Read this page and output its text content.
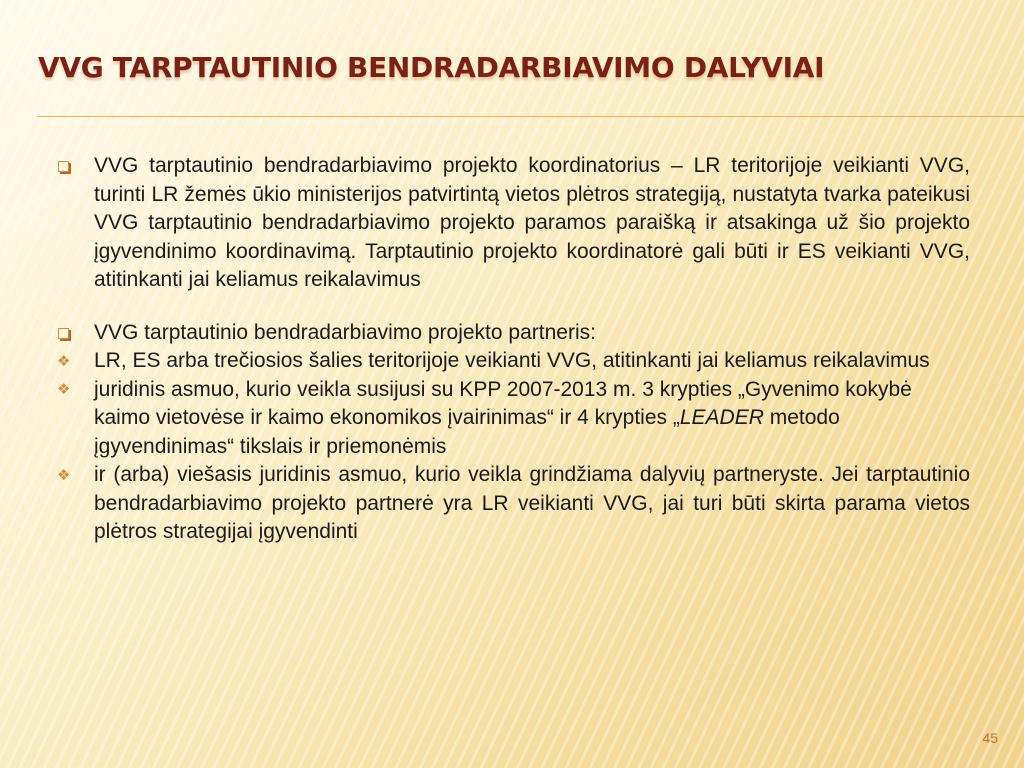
VVG TARPTAUTINIO BENDRADARBIAVIMO DALYVIAI

VVG tarptautinio bendradarbiavimo projekto koordinatorius – LR teritorijoje veikianti VVG, turinti LR žemės ūkio ministerijos patvirtintą vietos plėtros strategiją, nustatyta tvarka pateikusi VVG tarptautinio bendradarbiavimo projekto paramos paraišką ir atsakinga už šio projekto įgyvendinimo koordinavimą. Tarptautinio projekto koordinatorė gali būti ir ES veikianti VVG, atitinkanti jai keliamus reikalavimus

VVG tarptautinio bendradarbiavimo projekto partneris:

❖ LR, ES arba trečiosios šalies teritorijoje veikianti VVG, atitinkanti jai keliamus reikalavimus

❖ juridinis asmuo, kurio veikla susijusi su KPP 2007-2013 m. 3 krypties „Gyvenimo kokybė kaimo vietovėse ir kaimo ekonomikos įvairinimas“ ir 4 krypties „LEADER metodo įgyvendinimas“ tikslais ir priemonėmis

❖ ir (arba) viešasis juridinis asmuo, kurio veikla grindžiama dalyvių partneryste. Jei tarptautinio bendradarbiavimo projekto partnerė yra LR veikianti VVG, jai turi būti skirta parama vietos plėtros strategijai įgyvendinti

45
